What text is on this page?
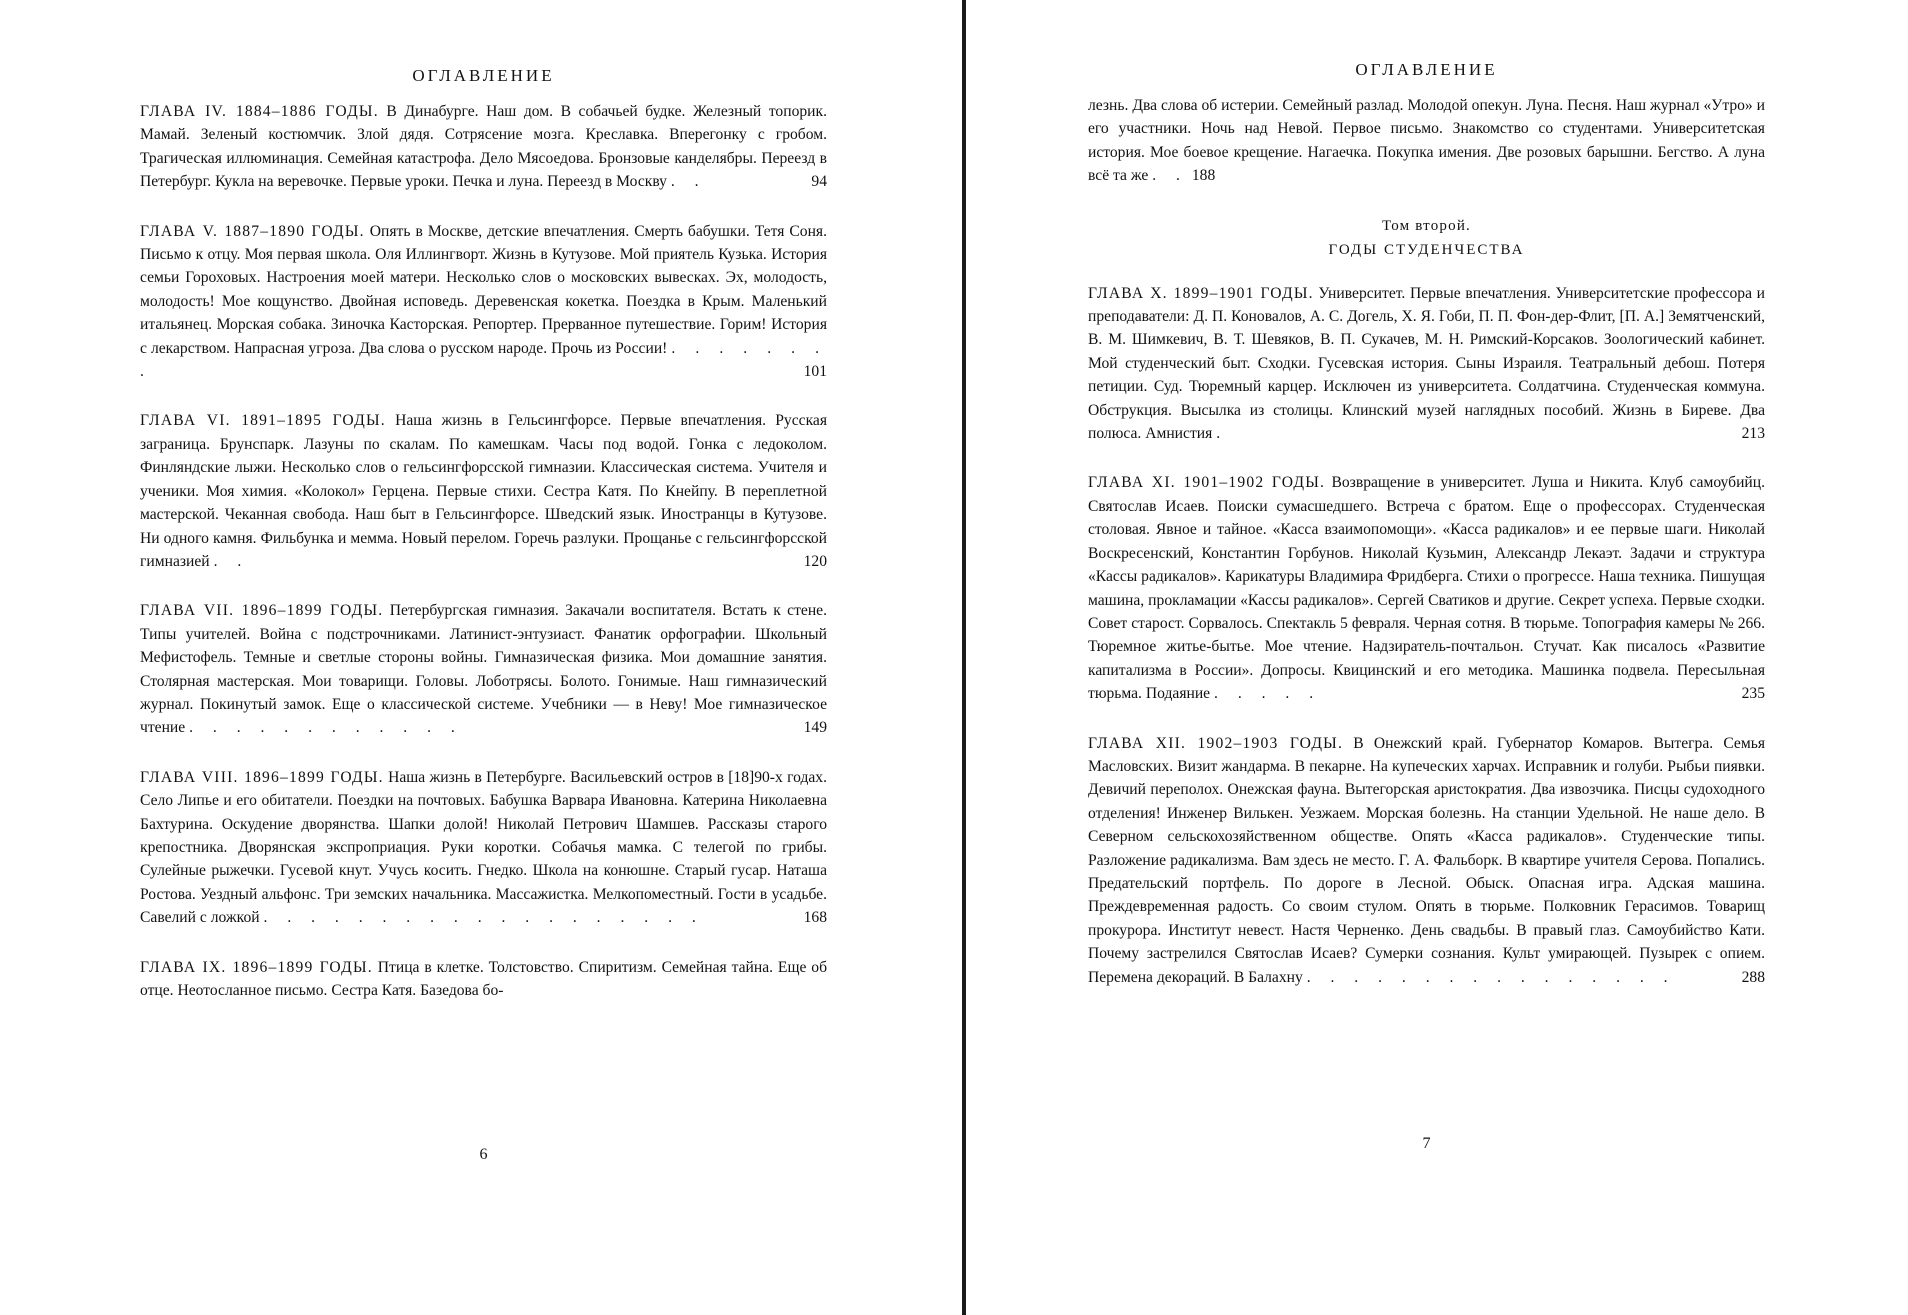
ОГЛАВЛЕНИЕ
ГЛАВА IV. 1884–1886 ГОДЫ. В Динабурге. Наш дом. В собачьей будке. Железный топорик. Мамай. Зеленый костюмчик. Злой дядя. Сотрясение мозга. Креславка. Вперегонку с гробом. Трагическая иллюминация. Семейная катастрофа. Дело Мясоедова. Бронзовые канделябры. Переезд в Петербург. Кукла на веревочке. Первые уроки. Печка и луна. Переезд в Москву . .	94
ГЛАВА V. 1887–1890 ГОДЫ. Опять в Москве, детские впечатления. Смерть бабушки. Тетя Соня. Письмо к отцу. Моя первая школа. Оля Иллингворт. Жизнь в Кутузове. Мой приятель Кузька. История семьи Гороховых. Настроения моей матери. Несколько слов о московских вывесках. Эх, молодость, молодость! Мое кощунство. Двойная исповедь. Деревенская кокетка. Поездка в Крым. Маленький итальянец. Морская собака. Зиночка Касторская. Репортер. Прерванное путешествие. Горим! История с лекарством. Напрасная угроза. Два слова о русском народе. Прочь из России! . . . . . . . .	101
ГЛАВА VI. 1891–1895 ГОДЫ. Наша жизнь в Гельсингфорсе. Первые впечатления. Русская заграница. Брунспарк. Лазуны по скалам. По камешкам. Часы под водой. Гонка с ледоколом. Финляндские лыжи. Несколько слов о гельсингфорсской гимназии. Классическая система. Учителя и ученики. Моя химия. «Колокол» Герцена. Первые стихи. Сестра Катя. По Кнейпу. В переплетной мастерской. Чеканная свобода. Наш быт в Гельсингфорсе. Шведский язык. Иностранцы в Кутузове. Ни одного камня. Фильбунка и мемма. Новый перелом. Горечь разлуки. Прощанье с гельсингфорсской гимназией . .	120
ГЛАВА VII. 1896–1899 ГОДЫ. Петербургская гимназия. Закачали воспитателя. Встать к стене. Типы учителей. Война с подстрочниками. Латинист-энтузиаст. Фанатик орфографии. Школьный Мефистофель. Темные и светлые стороны войны. Гимназическая физика. Мои домашние занятия. Столярная мастерская. Мои товарищи. Головы. Лоботрясы. Болото. Гонимые. Наш гимназический журнал. Покинутый замок. Еще о классической системе. Учебники — в Неву! Мое гимназическое чтение . . . . . . . . . . . .	149
ГЛАВА VIII. 1896–1899 ГОДЫ. Наша жизнь в Петербурге. Васильевский остров в [18]90-х годах. Село Липье и его обитатели. Поездки на почтовых. Бабушка Варвара Ивановна. Катерина Николаевна Бахтурина. Оскудение дворянства. Шапки долой! Николай Петрович Шамшев. Рассказы старого крепостника. Дворянская экспроприация. Руки коротки. Собачья мамка. С телегой по грибы. Сулейные рыжечки. Гусевой кнут. Учусь косить. Гнедко. Школа на конюшне. Старый гусар. Наташа Ростова. Уездный альфонс. Три земских начальника. Массажистка. Мелкопоместный. Гости в усадьбе. Савелий с ложкой . . . . . . . . . . . . . . . . . . .	168
ГЛАВА IX. 1896–1899 ГОДЫ. Птица в клетке. Толстовство. Спиритизм. Семейная тайна. Еще об отце. Неотосланное письмо. Сестра Катя. Базедова бо-
6
ОГЛАВЛЕНИЕ
лезнь. Два слова об истерии. Семейный разлад. Молодой опекун. Луна. Песня. Наш журнал «Утро» и его участники. Ночь над Невой. Первое письмо. Знакомство со студентами. Университетская история. Мое боевое крещение. Нагаечка. Покупка имения. Две розовых барышни. Бегство. А луна всё та же . . 188
Том второй.
ГОДЫ СТУДЕНЧЕСТВА
ГЛАВА X. 1899–1901 ГОДЫ. Университет. Первые впечатления. Университетские профессора и преподаватели: Д. П. Коновалов, А. С. Догель, Х. Я. Гоби, П. П. Фон-дер-Флит, [П. А.] Земятченский, В. М. Шимкевич, В. Т. Шевяков, В. П. Сукачев, М. Н. Римский-Корсаков. Зоологический кабинет. Мой студенческий быт. Сходки. Гусевская история. Сыны Израиля. Театральный дебош. Потеря петиции. Суд. Тюремный карцер. Исключен из университета. Солдатчина. Студенческая коммуна. Обструкция. Высылка из столицы. Клинский музей наглядных пособий. Жизнь в Биреве. Два полюса. Амнистия .	213
ГЛАВА XI. 1901–1902 ГОДЫ. Возвращение в университет. Луша и Никита. Клуб самоубийц. Святослав Исаев. Поиски сумасшедшего. Встреча с братом. Еще о профессорах. Студенческая столовая. Явное и тайное. «Касса взаимопомощи». «Касса радикалов» и ее первые шаги. Николай Воскресенский, Константин Горбунов. Николай Кузьмин, Александр Лекаэт. Задачи и структура «Кассы радикалов». Карикатуры Владимира Фридберга. Стихи о прогрессе. Наша техника. Пишущая машина, прокламации «Кассы радикалов». Сергей Сватиков и другие. Секрет успеха. Первые сходки. Совет старост. Сорвалось. Спектакль 5 февраля. Черная сотня. В тюрьме. Топография камеры № 266. Тюремное житье-бытье. Мое чтение. Надзиратель-почтальон. Стучат. Как писалось «Развитие капитализма в России». Допросы. Квицинский и его методика. Машинка подвела. Пересыльная тюрьма. Подаяние . . . . .	235
ГЛАВА XII. 1902–1903 ГОДЫ. В Онежский край. Губернатор Комаров. Вытегра. Семья Масловских. Визит жандарма. В пекарне. На купеческих харчах. Исправник и голуби. Рыбьи пиявки. Девичий переполох. Онежская фауна. Вытегорская аристократия. Два извозчика. Писцы судоходного отделения! Инженер Вилькен. Уезжаем. Морская болезнь. На станции Удельной. Не наше дело. В Северном сельскохозяйственном обществе. Опять «Касса радикалов». Студенческие типы. Разложение радикализма. Вам здесь не место. Г. А. Фальборк. В квартире учителя Серова. Попались. Предательский портфель. По дороге в Лесной. Обыск. Опасная игра. Адская машина. Преждевременная радость. Со своим стулом. Опять в тюрьме. Полковник Герасимов. Товарищ прокурора. Институт невест. Настя Черненко. День свадьбы. В правый глаз. Самоубийство Кати. Почему застрелился Святослав Исаев? Сумерки сознания. Культ умирающей. Пузырек с опием. Перемена декораций. В Балахну . . . . . . . . . . . . . . . .	288
7
